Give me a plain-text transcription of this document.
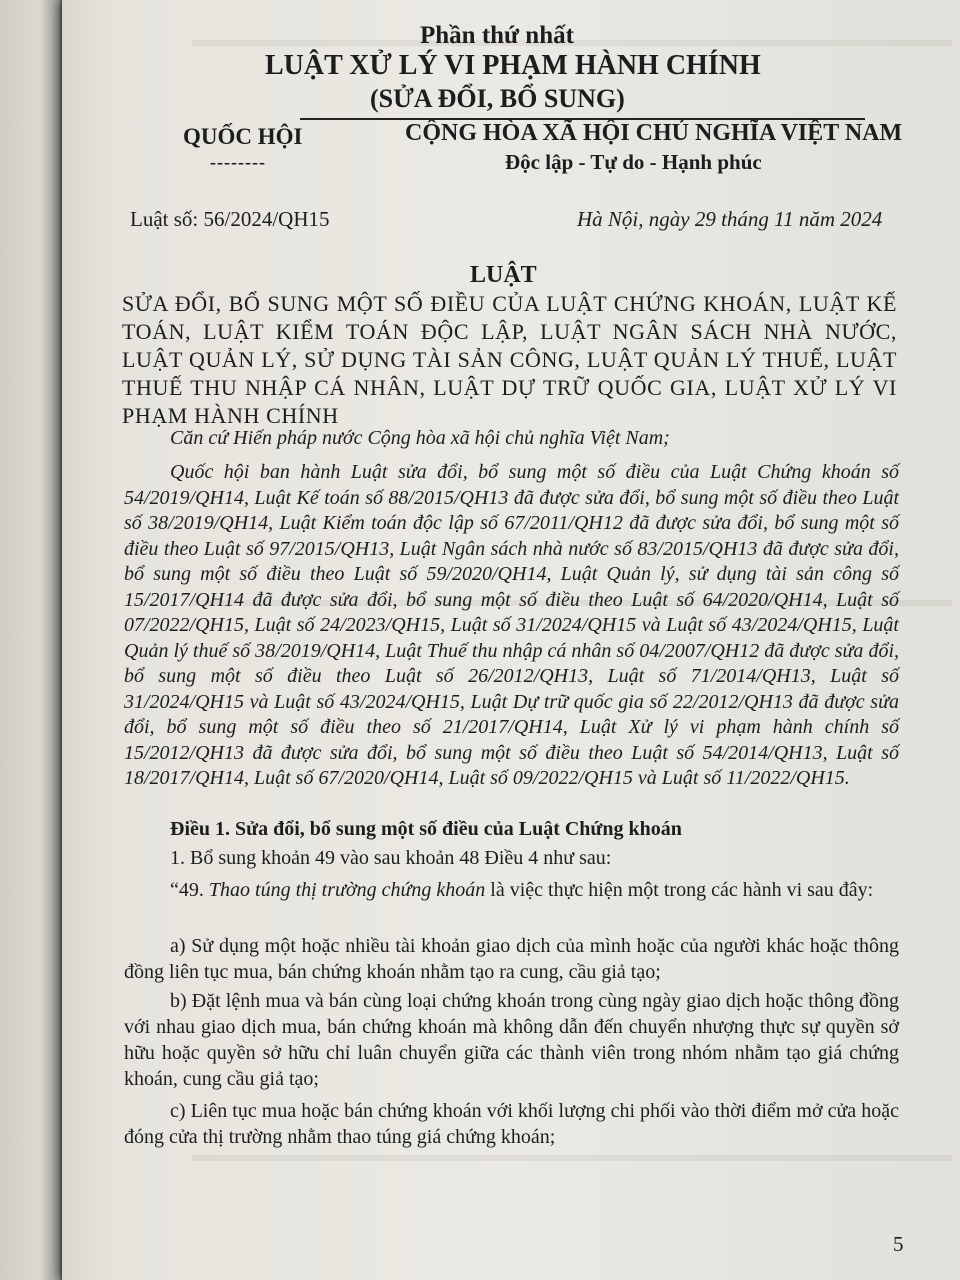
Phần thứ nhất
LUẬT XỬ LÝ VI PHẠM HÀNH CHÍNH
(SỬA ĐỔI, BỔ SUNG)
QUỐC HỘI
--------
CỘNG HÒA XÃ HỘI CHỦ NGHĨA VIỆT NAM
Độc lập - Tự do - Hạnh phúc
Luật số: 56/2024/QH15	Hà Nội, ngày 29 tháng 11 năm 2024
LUẬT
SỬA ĐỔI, BỔ SUNG MỘT SỐ ĐIỀU CỦA LUẬT CHỨNG KHOÁN, LUẬT KẾ TOÁN, LUẬT KIỂM TOÁN ĐỘC LẬP, LUẬT NGÂN SÁCH NHÀ NƯỚC, LUẬT QUẢN LÝ, SỬ DỤNG TÀI SẢN CÔNG, LUẬT QUẢN LÝ THUẾ, LUẬT THUẾ THU NHẬP CÁ NHÂN, LUẬT DỰ TRỮ QUỐC GIA, LUẬT XỬ LÝ VI PHẠM HÀNH CHÍNH
Căn cứ Hiến pháp nước Cộng hòa xã hội chủ nghĩa Việt Nam;
Quốc hội ban hành Luật sửa đổi, bổ sung một số điều của Luật Chứng khoán số 54/2019/QH14, Luật Kế toán số 88/2015/QH13 đã được sửa đổi, bổ sung một số điều theo Luật số 38/2019/QH14, Luật Kiểm toán độc lập số 67/2011/QH12 đã được sửa đổi, bổ sung một số điều theo Luật số 97/2015/QH13, Luật Ngân sách nhà nước số 83/2015/QH13 đã được sửa đổi, bổ sung một số điều theo Luật số 59/2020/QH14, Luật Quản lý, sử dụng tài sản công số 15/2017/QH14 đã được sửa đổi, bổ sung một số điều theo Luật số 64/2020/QH14, Luật số 07/2022/QH15, Luật số 24/2023/QH15, Luật số 31/2024/QH15 và Luật số 43/2024/QH15, Luật Quản lý thuế số 38/2019/QH14, Luật Thuế thu nhập cá nhân số 04/2007/QH12 đã được sửa đổi, bổ sung một số điều theo Luật số 26/2012/QH13, Luật số 71/2014/QH13, Luật số 31/2024/QH15 và Luật số 43/2024/QH15, Luật Dự trữ quốc gia số 22/2012/QH13 đã được sửa đổi, bổ sung một số điều theo số 21/2017/QH14, Luật Xử lý vi phạm hành chính số 15/2012/QH13 đã được sửa đổi, bổ sung một số điều theo Luật số 54/2014/QH13, Luật số 18/2017/QH14, Luật số 67/2020/QH14, Luật số 09/2022/QH15 và Luật số 11/2022/QH15.
Điều 1. Sửa đổi, bổ sung một số điều của Luật Chứng khoán
1. Bổ sung khoản 49 vào sau khoản 48 Điều 4 như sau:
“49. Thao túng thị trường chứng khoán là việc thực hiện một trong các hành vi sau đây:
a) Sử dụng một hoặc nhiều tài khoản giao dịch của mình hoặc của người khác hoặc thông đồng liên tục mua, bán chứng khoán nhằm tạo ra cung, cầu giả tạo;
b) Đặt lệnh mua và bán cùng loại chứng khoán trong cùng ngày giao dịch hoặc thông đồng với nhau giao dịch mua, bán chứng khoán mà không dẫn đến chuyển nhượng thực sự quyền sở hữu hoặc quyền sở hữu chỉ luân chuyển giữa các thành viên trong nhóm nhằm tạo giá chứng khoán, cung cầu giả tạo;
c) Liên tục mua hoặc bán chứng khoán với khối lượng chi phối vào thời điểm mở cửa hoặc đóng cửa thị trường nhằm thao túng giá chứng khoán;
5
